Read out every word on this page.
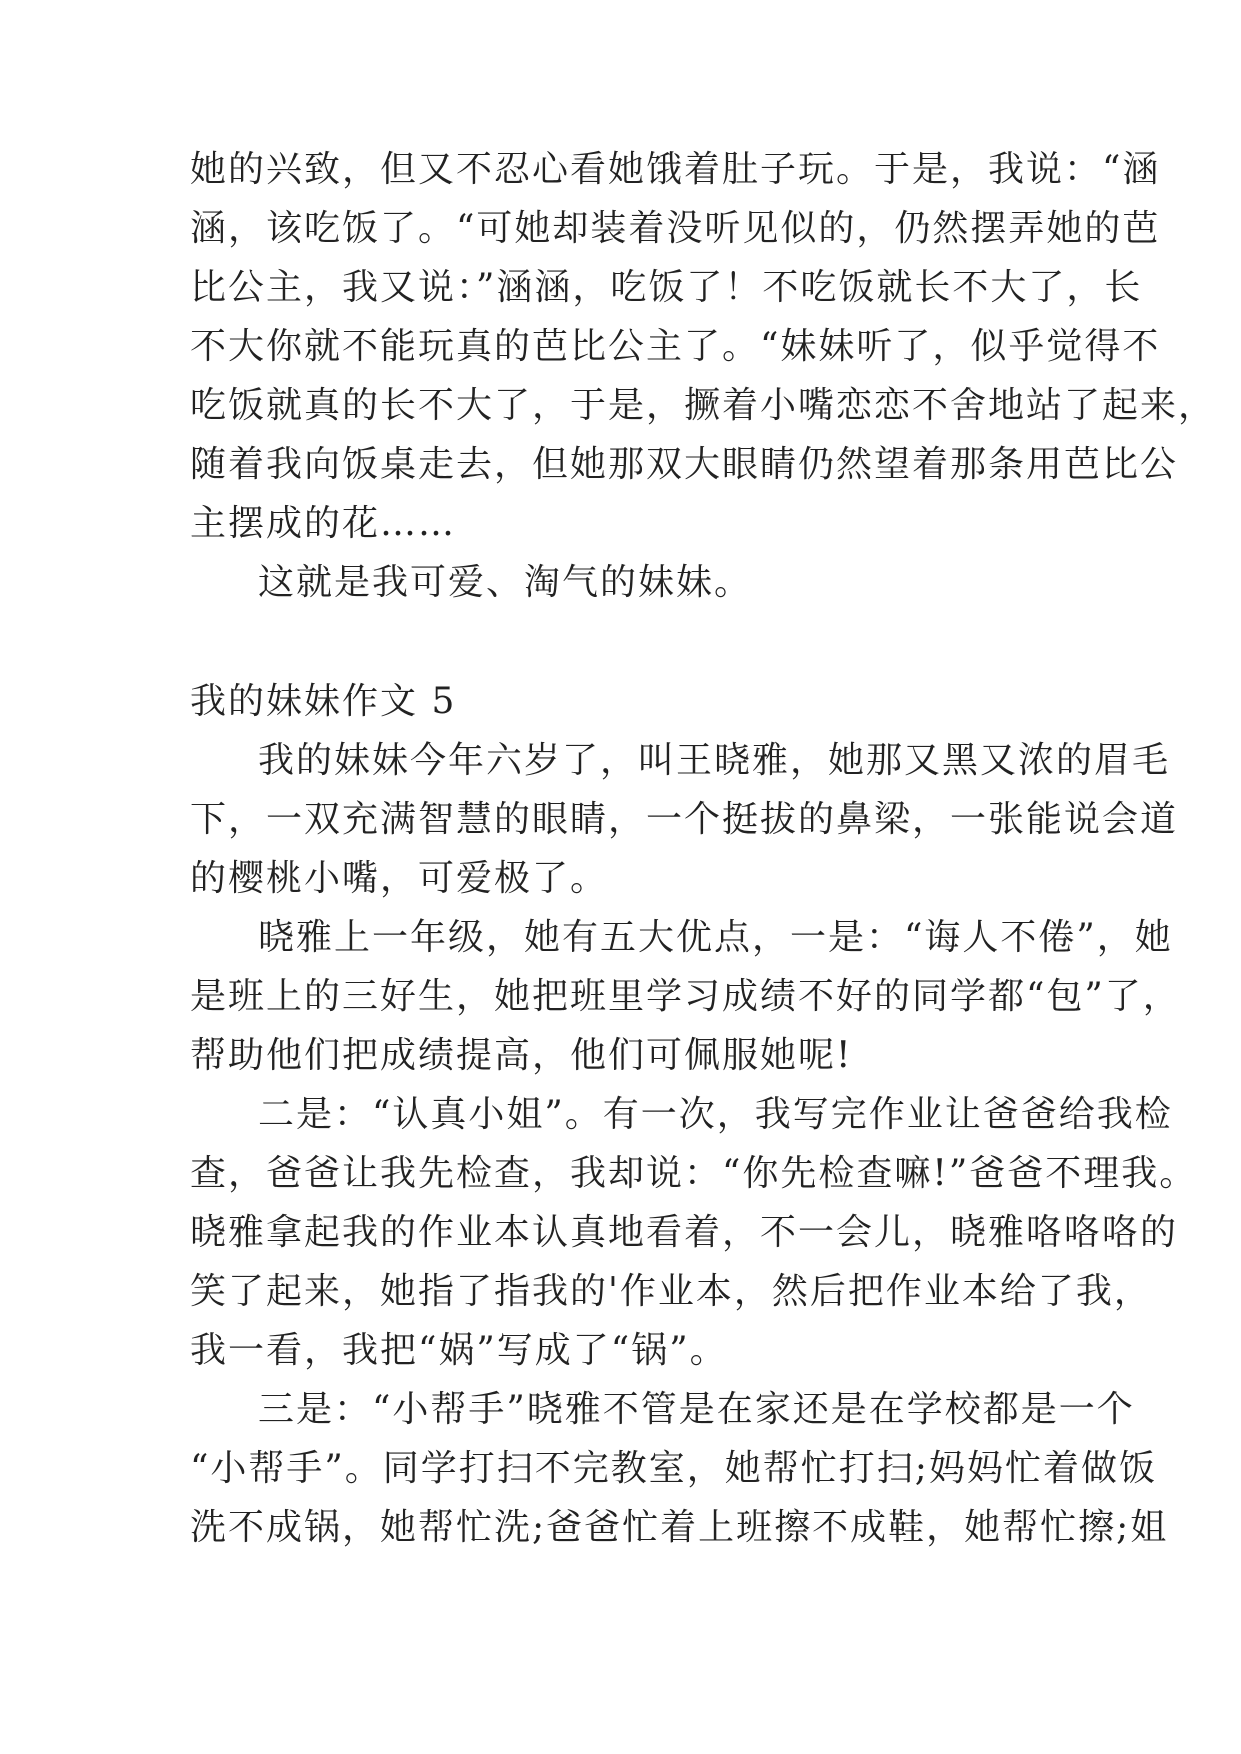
她的兴致，但又不忍心看她饿着肚子玩。于是，我说：“涵
涵，该吃饭了。“可她却装着没听见似的，仍然摆弄她的芭
比公主，我又说：”涵涵，吃饭了！不吃饭就长不大了，长
不大你就不能玩真的芭比公主了。“妹妹听了，似乎觉得不
吃饭就真的长不大了，于是，撅着小嘴恋恋不舍地站了起来，
随着我向饭桌走去，但她那双大眼睛仍然望着那条用芭比公
主摆成的花……
这就是我可爱、淘气的妹妹。
我的妹妹作文 5
我的妹妹今年六岁了，叫王晓雅，她那又黑又浓的眉毛
下，一双充满智慧的眼睛，一个挺拔的鼻梁，一张能说会道
的樱桃小嘴，可爱极了。
晓雅上一年级，她有五大优点，一是：“诲人不倦”，她
是班上的三好生，她把班里学习成绩不好的同学都“包”了，
帮助他们把成绩提高，他们可佩服她呢!
二是：“认真小姐”。有一次，我写完作业让爸爸给我检
查，爸爸让我先检查，我却说：“你先检查嘛!”爸爸不理我。
晓雅拿起我的作业本认真地看着，不一会儿，晓雅咯咯咯的
笑了起来，她指了指我的'作业本，然后把作业本给了我，
我一看，我把“娲”写成了“锅”。
三是：“小帮手”晓雅不管是在家还是在学校都是一个
“小帮手”。同学打扫不完教室，她帮忙打扫;妈妈忙着做饭
洗不成锅，她帮忙洗;爸爸忙着上班擦不成鞋，她帮忙擦;姐
